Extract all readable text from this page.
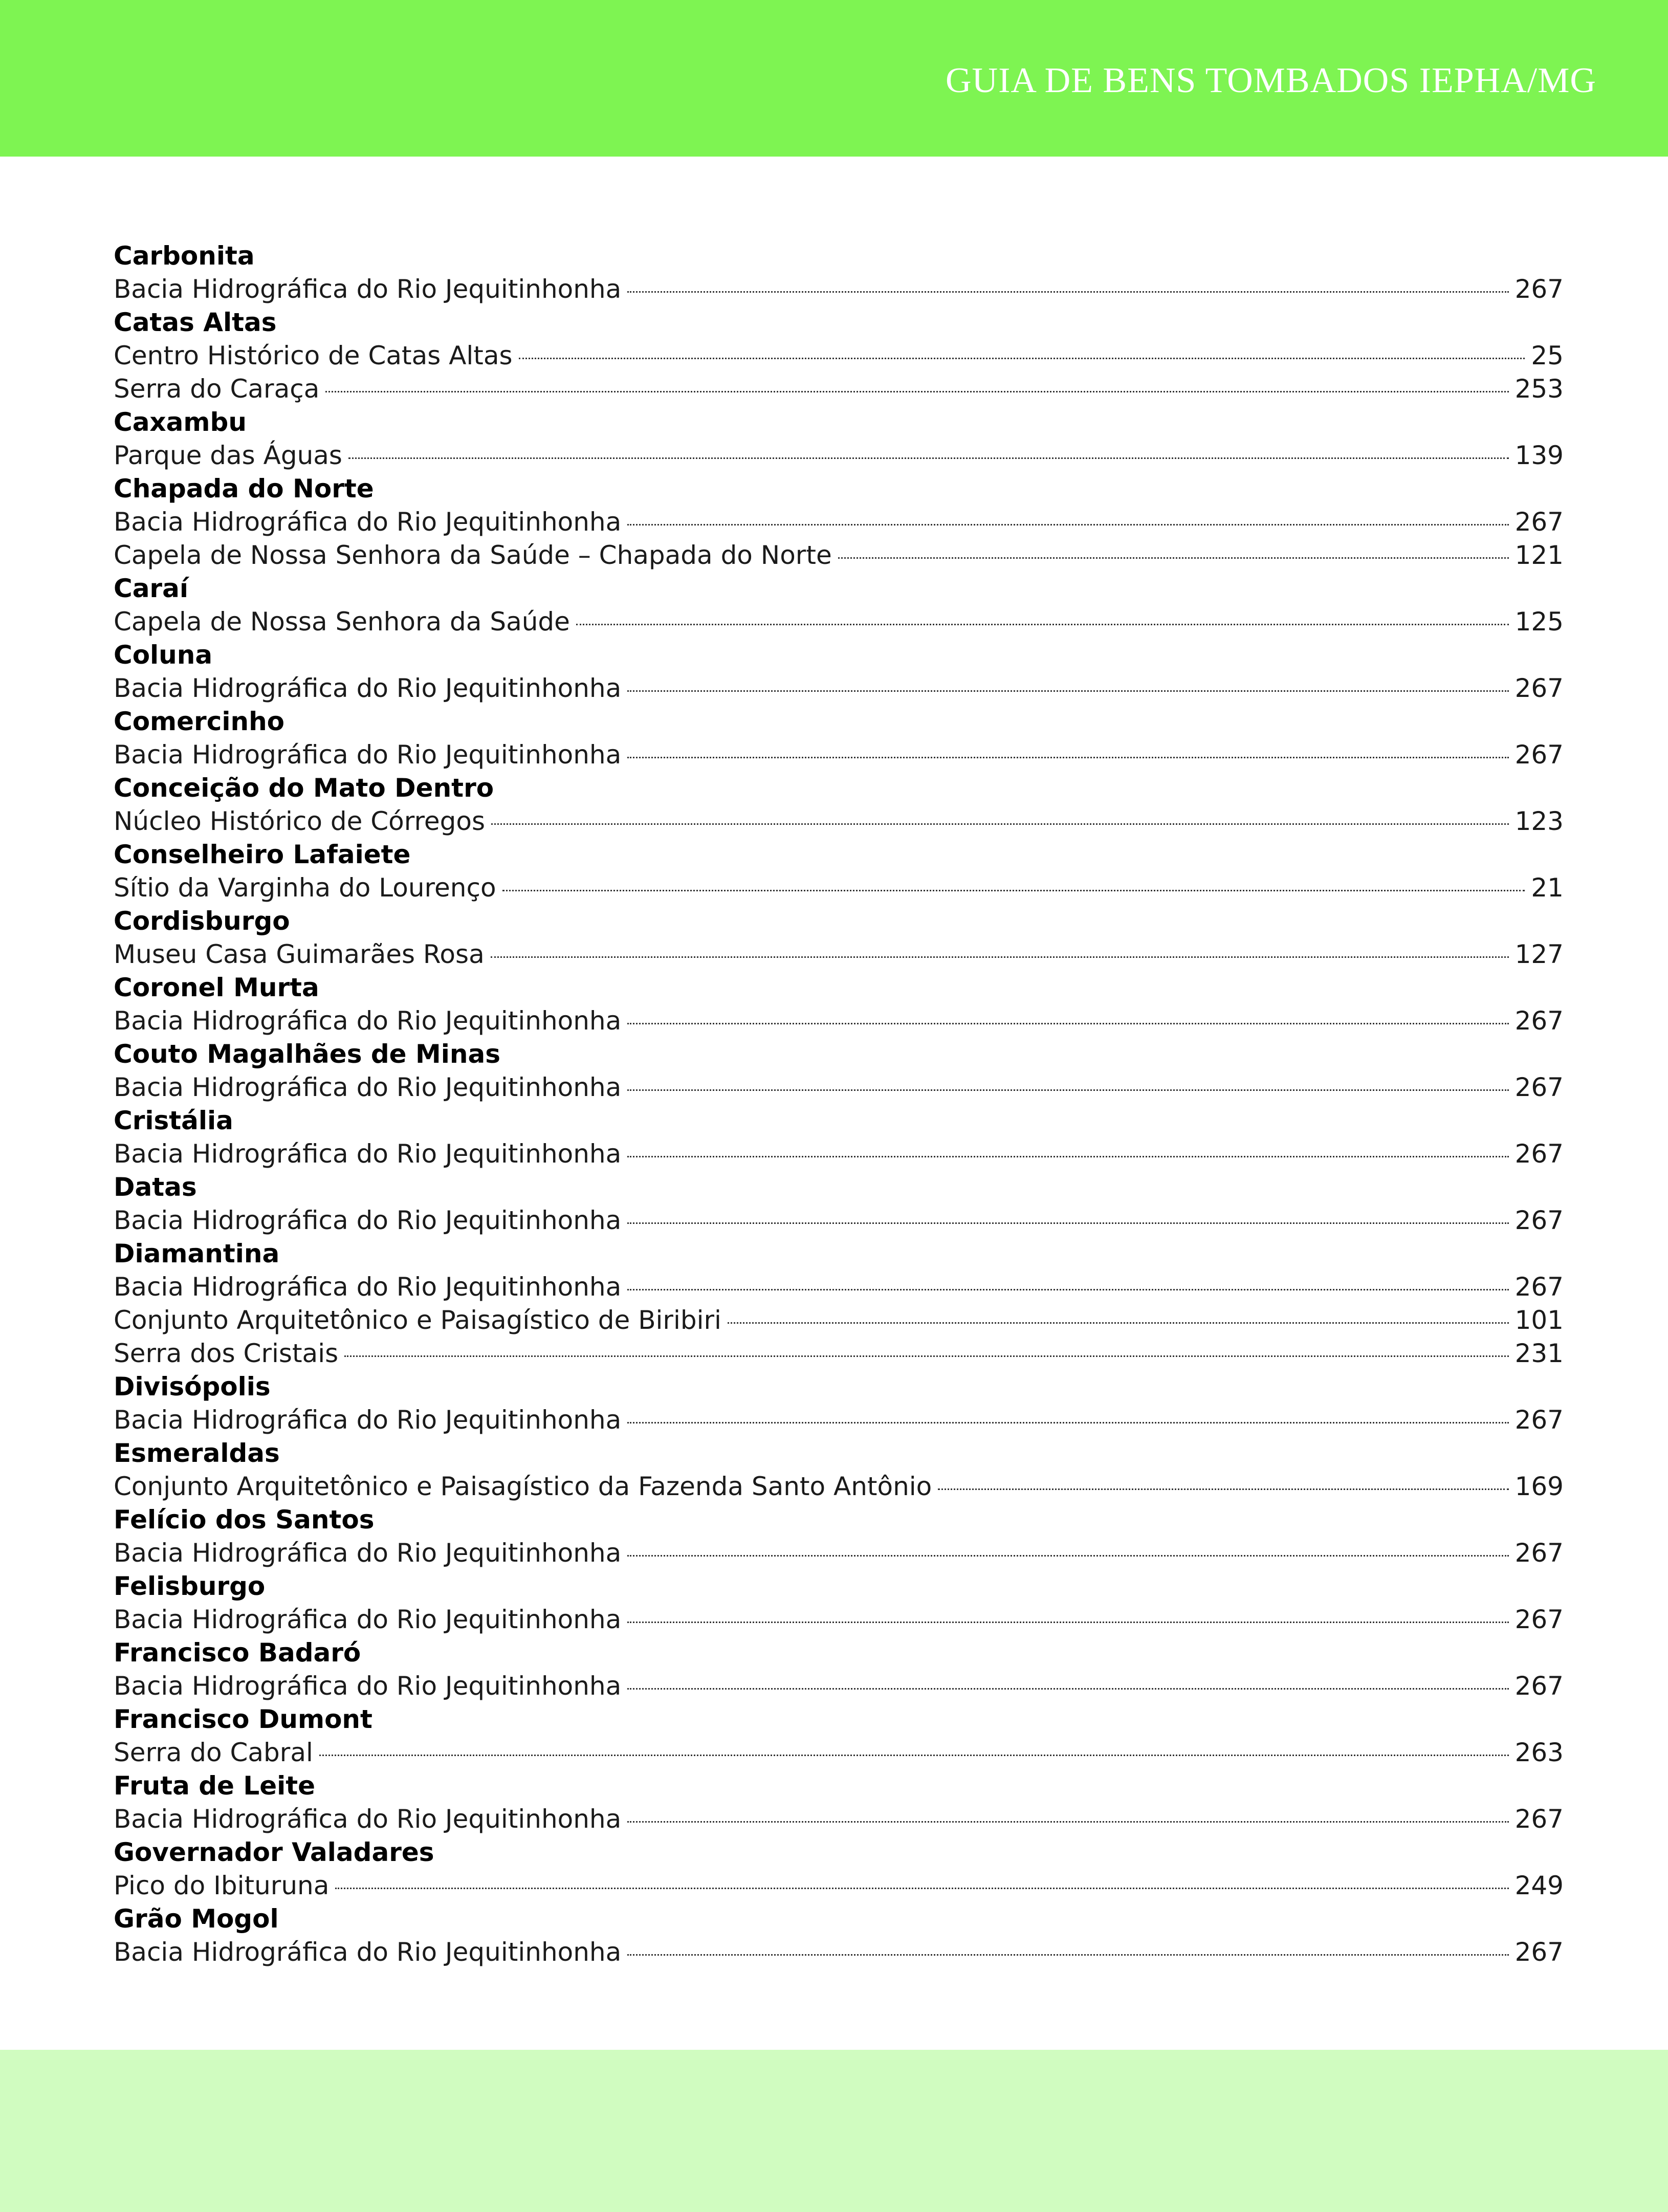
GUIA DE BENS TOMBADOS IEPHA/MG
Carbonita
Bacia Hidrográfica do Rio Jequitinhonha	267
Catas Altas
Centro Histórico de Catas Altas	25
Serra do Caraça	253
Caxambu
Parque das Águas	139
Chapada do Norte
Bacia Hidrográfica do Rio Jequitinhonha	267
Capela de Nossa Senhora da Saúde – Chapada do Norte	121
Caraí
Capela de Nossa Senhora da Saúde	125
Coluna
Bacia Hidrográfica do Rio Jequitinhonha	267
Comercinho
Bacia Hidrográfica do Rio Jequitinhonha	267
Conceição do Mato Dentro
Núcleo Histórico de Córregos	123
Conselheiro Lafaiete
Sítio da Varginha do Lourenço	21
Cordisburgo
Museu Casa Guimarães Rosa	127
Coronel Murta
Bacia Hidrográfica do Rio Jequitinhonha	267
Couto Magalhães de Minas
Bacia Hidrográfica do Rio Jequitinhonha	267
Cristália
Bacia Hidrográfica do Rio Jequitinhonha	267
Datas
Bacia Hidrográfica do Rio Jequitinhonha	267
Diamantina
Bacia Hidrográfica do Rio Jequitinhonha	267
Conjunto Arquitetônico e Paisagístico de Biribiri	101
Serra dos Cristais	231
Divisópolis
Bacia Hidrográfica do Rio Jequitinhonha	267
Esmeraldas
Conjunto Arquitetônico e Paisagístico da Fazenda Santo Antônio	169
Felício dos Santos
Bacia Hidrográfica do Rio Jequitinhonha	267
Felisburgo
Bacia Hidrográfica do Rio Jequitinhonha	267
Francisco Badaró
Bacia Hidrográfica do Rio Jequitinhonha	267
Francisco Dumont
Serra do Cabral	263
Fruta de Leite
Bacia Hidrográfica do Rio Jequitinhonha	267
Governador Valadares
Pico do Ibituruna	249
Grão Mogol
Bacia Hidrográfica do Rio Jequitinhonha	267
